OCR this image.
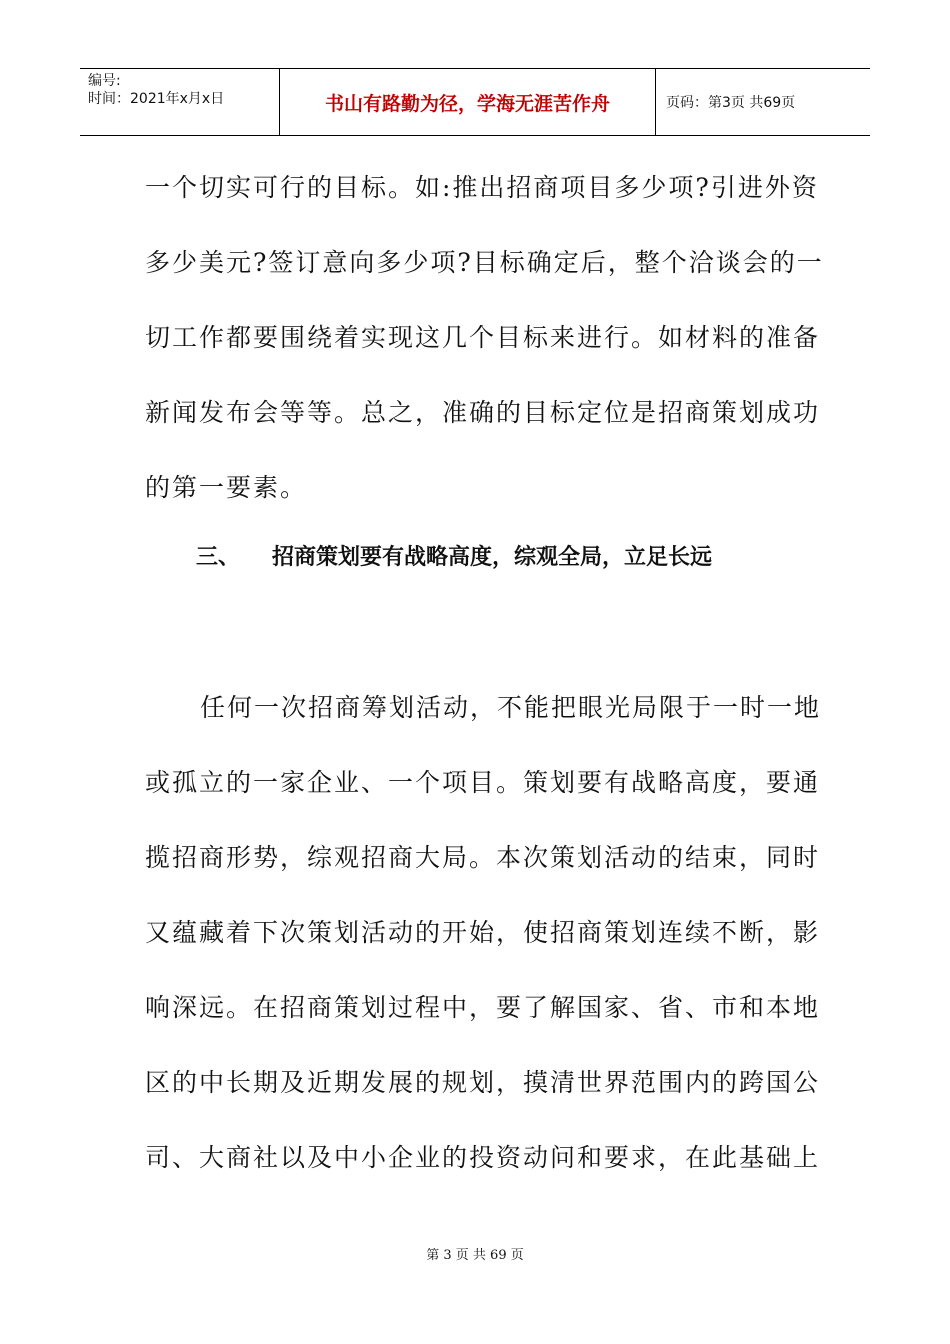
编号:
时间：2021年x月x日	书山有路勤为径，学海无涯苦作舟	页码：第3页 共69页
一个切实可行的目标。如:推出招商项目多少项?引进外资
多少美元?签订意向多少项?目标确定后，整个洽谈会的一
切工作都要围绕着实现这几个目标来进行。如材料的准备
新闻发布会等等。总之，准确的目标定位是招商策划成功
的第一要素。
三、 招商策划要有战略高度，综观全局，立足长远
　任何一次招商筹划活动，不能把眼光局限于一时一地
或孤立的一家企业、一个项目。策划要有战略高度，要通
揽招商形势，综观招商大局。本次策划活动的结束，同时
又蕴藏着下次策划活动的开始，使招商策划连续不断，影
响深远。在招商策划过程中，要了解国家、省、市和本地
区的中长期及近期发展的规划，摸清世界范围内的跨国公
司、大商社以及中小企业的投资动问和要求，在此基础上
第 3 页 共 69 页
